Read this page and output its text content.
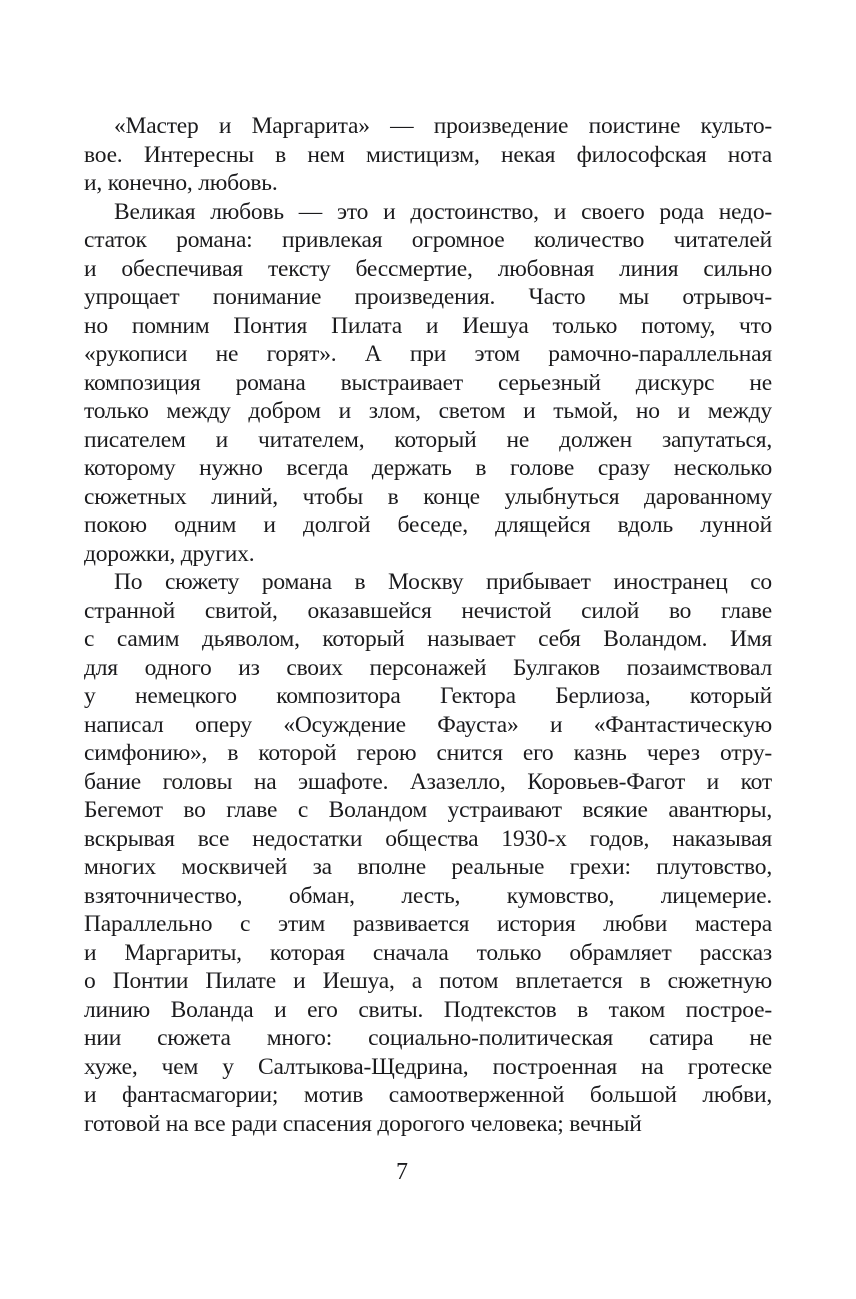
«Мастер и Маргарита» — произведение поистине культо-
вое. Интересны в нем мистицизм, некая философская нота
и, конечно, любовь.
Великая любовь — это и достоинство, и своего рода недо-
статок романа: привлекая огромное количество читателей
и обеспечивая тексту бессмертие, любовная линия сильно
упрощает понимание произведения. Часто мы отрывоч-
но помним Понтия Пилата и Иешуа только потому, что
«рукописи не горят». А при этом рамочно-параллельная
композиция романа выстраивает серьезный дискурс не
только между добром и злом, светом и тьмой, но и между
писателем и читателем, который не должен запутаться,
которому нужно всегда держать в голове сразу несколько
сюжетных линий, чтобы в конце улыбнуться дарованному
покою одним и долгой беседе, длящейся вдоль лунной
дорожки, других.
По сюжету романа в Москву прибывает иностранец со
странной свитой, оказавшейся нечистой силой во главе
с самим дьяволом, который называет себя Воландом. Имя
для одного из своих персонажей Булгаков позаимствовал
у немецкого композитора Гектора Берлиоза, который
написал оперу «Осуждение Фауста» и «Фантастическую
симфонию», в которой герою снится его казнь через отру-
бание головы на эшафоте. Азазелло, Коровьев-Фагот и кот
Бегемот во главе с Воландом устраивают всякие авантюры,
вскрывая все недостатки общества 1930-х годов, наказывая
многих москвичей за вполне реальные грехи: плутовство,
взяточничество, обман, лесть, кумовство, лицемерие.
Параллельно с этим развивается история любви мастера
и Маргариты, которая сначала только обрамляет рассказ
о Понтии Пилате и Иешуа, а потом вплетается в сюжетную
линию Воланда и его свиты. Подтекстов в таком построе-
нии сюжета много: социально-политическая сатира не
хуже, чем у Салтыкова-Щедрина, построенная на гротеске
и фантасмагории; мотив самоотверженной большой любви,
готовой на все ради спасения дорогого человека; вечный
7
